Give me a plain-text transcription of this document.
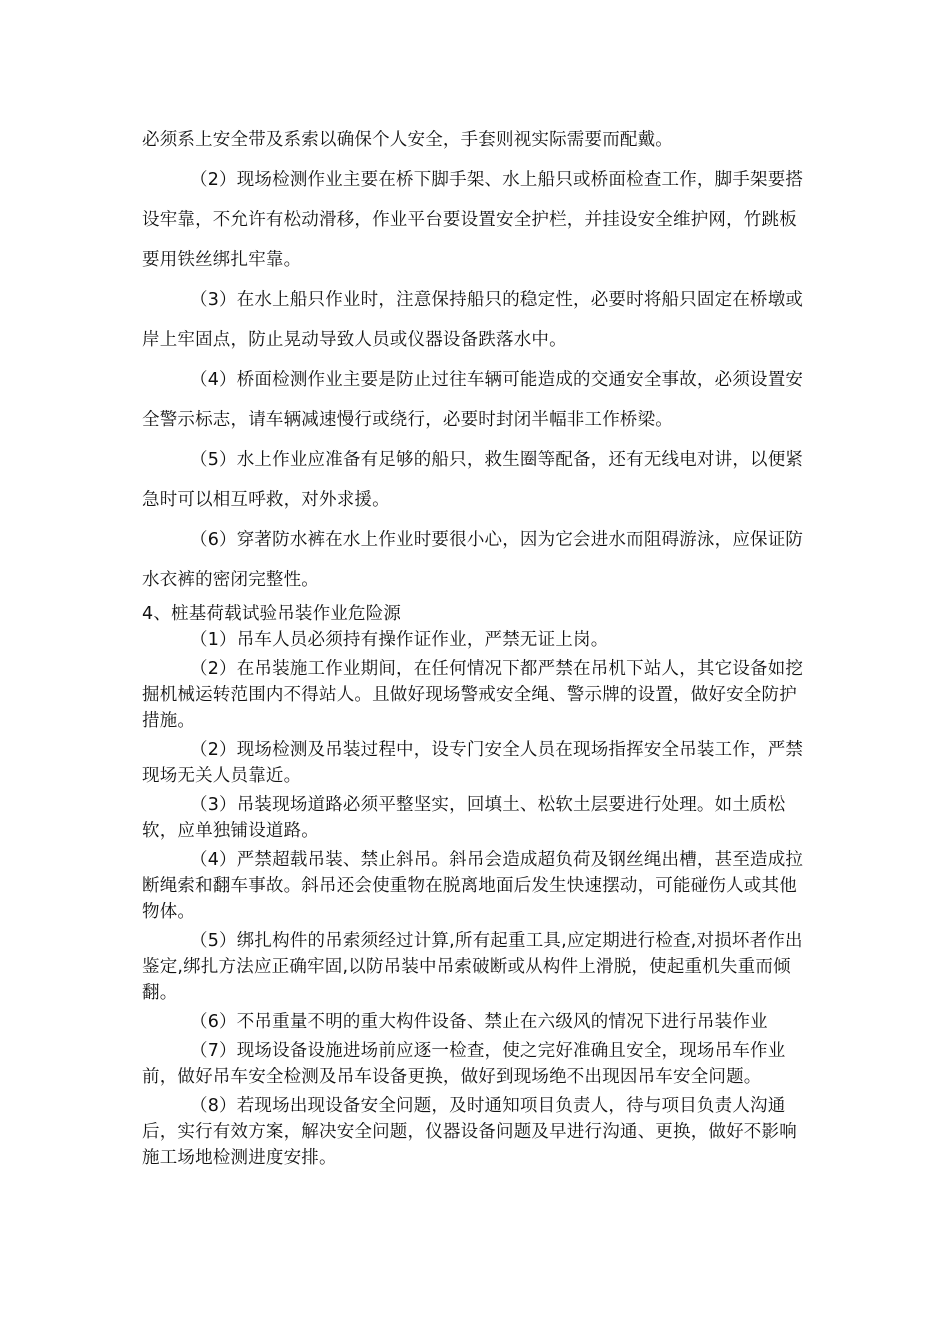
必须系上安全带及系索以确保个人安全，手套则视实际需要而配戴。

（2）现场检测作业主要在桥下脚手架、水上船只或桥面检查工作，脚手架要搭设牢靠，不允许有松动滑移，作业平台要设置安全护栏，并挂设安全维护网，竹跳板要用铁丝绑扎牢靠。

（3）在水上船只作业时，注意保持船只的稳定性，必要时将船只固定在桥墩或岸上牢固点，防止晃动导致人员或仪器设备跌落水中。

（4）桥面检测作业主要是防止过往车辆可能造成的交通安全事故，必须设置安全警示标志，请车辆减速慢行或绕行，必要时封闭半幅非工作桥梁。

（5）水上作业应准备有足够的船只，救生圈等配备，还有无线电对讲，以便紧急时可以相互呼救，对外求援。

（6）穿著防水裤在水上作业时要很小心，因为它会进水而阻碍游泳，应保证防水衣裤的密闭完整性。

4、桩基荷载试验吊装作业危险源

（1）吊车人员必须持有操作证作业，严禁无证上岗。

（2）在吊装施工作业期间，在任何情况下都严禁在吊机下站人，其它设备如挖掘机械运转范围内不得站人。且做好现场警戒安全绳、警示牌的设置，做好安全防护措施。

（2）现场检测及吊装过程中，设专门安全人员在现场指挥安全吊装工作，严禁现场无关人员靠近。

（3）吊装现场道路必须平整坚实，回填土、松软土层要进行处理。如土质松软，应单独铺设道路。

（4）严禁超载吊装、禁止斜吊。斜吊会造成超负荷及钢丝绳出槽，甚至造成拉断绳索和翻车事故。斜吊还会使重物在脱离地面后发生快速摆动，可能碰伤人或其他物体。

（5）绑扎构件的吊索须经过计算,所有起重工具,应定期进行检查,对损坏者作出鉴定,绑扎方法应正确牢固,以防吊装中吊索破断或从构件上滑脱，使起重机失重而倾翻。

（6）不吊重量不明的重大构件设备、禁止在六级风的情况下进行吊装作业

（7）现场设备设施进场前应逐一检查，使之完好准确且安全，现场吊车作业前，做好吊车安全检测及吊车设备更换，做好到现场绝不出现因吊车安全问题。

（8）若现场出现设备安全问题，及时通知项目负责人，待与项目负责人沟通后，实行有效方案，解决安全问题，仪器设备问题及早进行沟通、更换，做好不影响施工场地检测进度安排。
